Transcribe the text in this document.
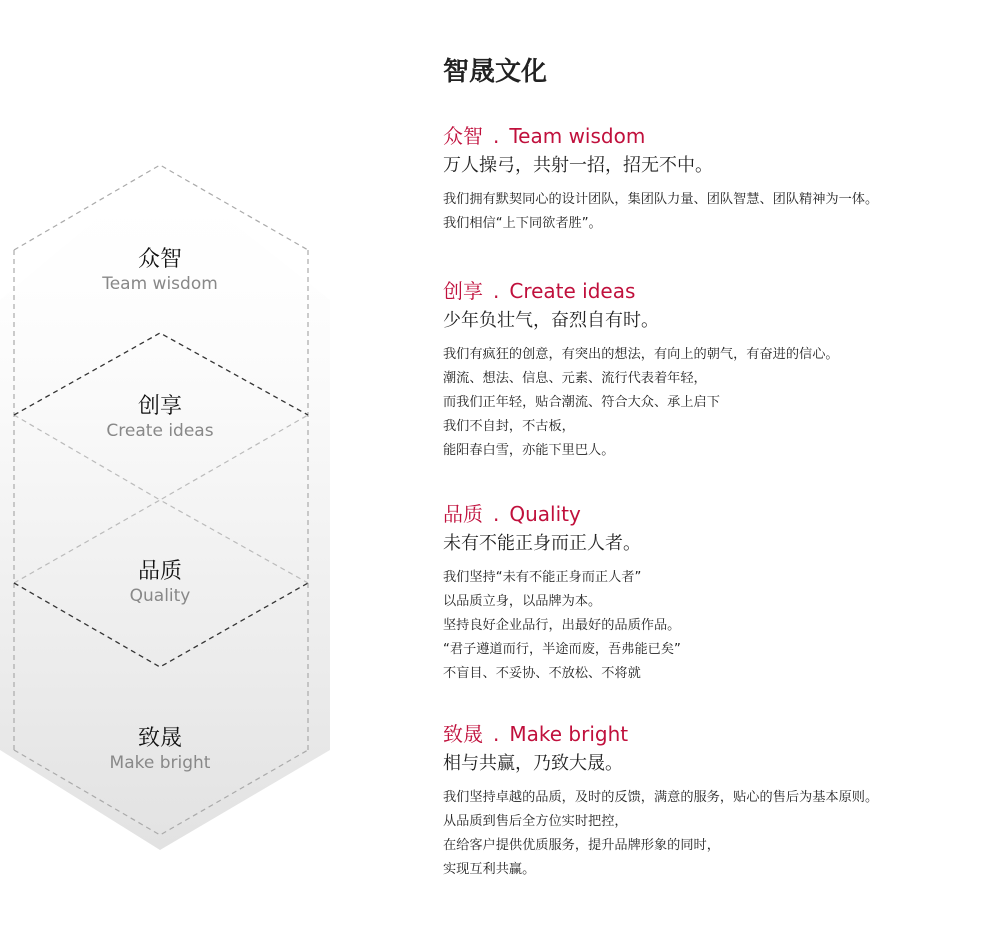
众智
Team wisdom
创享
Create ideas
品质
Quality
致晟
Make bright
智晟文化
众智 . Team wisdom
万人操弓，共射一招，招无不中。
我们拥有默契同心的设计团队，集团队力量、团队智慧、团队精神为一体。
我们相信“上下同欲者胜”。
创享 . Create ideas
少年负壮气，奋烈自有时。
我们有疯狂的创意，有突出的想法，有向上的朝气，有奋进的信心。
潮流、想法、信息、元素、流行代表着年轻，
而我们正年轻，贴合潮流、符合大众、承上启下
我们不自封，不古板，
能阳春白雪，亦能下里巴人。
品质 . Quality
未有不能正身而正人者。
我们坚持“未有不能正身而正人者”
以品质立身，以品牌为本。
坚持良好企业品行，出最好的品质作品。
“君子遵道而行，半途而废，吾弗能已矣”
不盲目、不妥协、不放松、不将就
致晟 . Make bright
相与共赢，乃致大晟。
我们坚持卓越的品质，及时的反馈，满意的服务，贴心的售后为基本原则。
从品质到售后全方位实时把控，
在给客户提供优质服务，提升品牌形象的同时，
实现互利共赢。
